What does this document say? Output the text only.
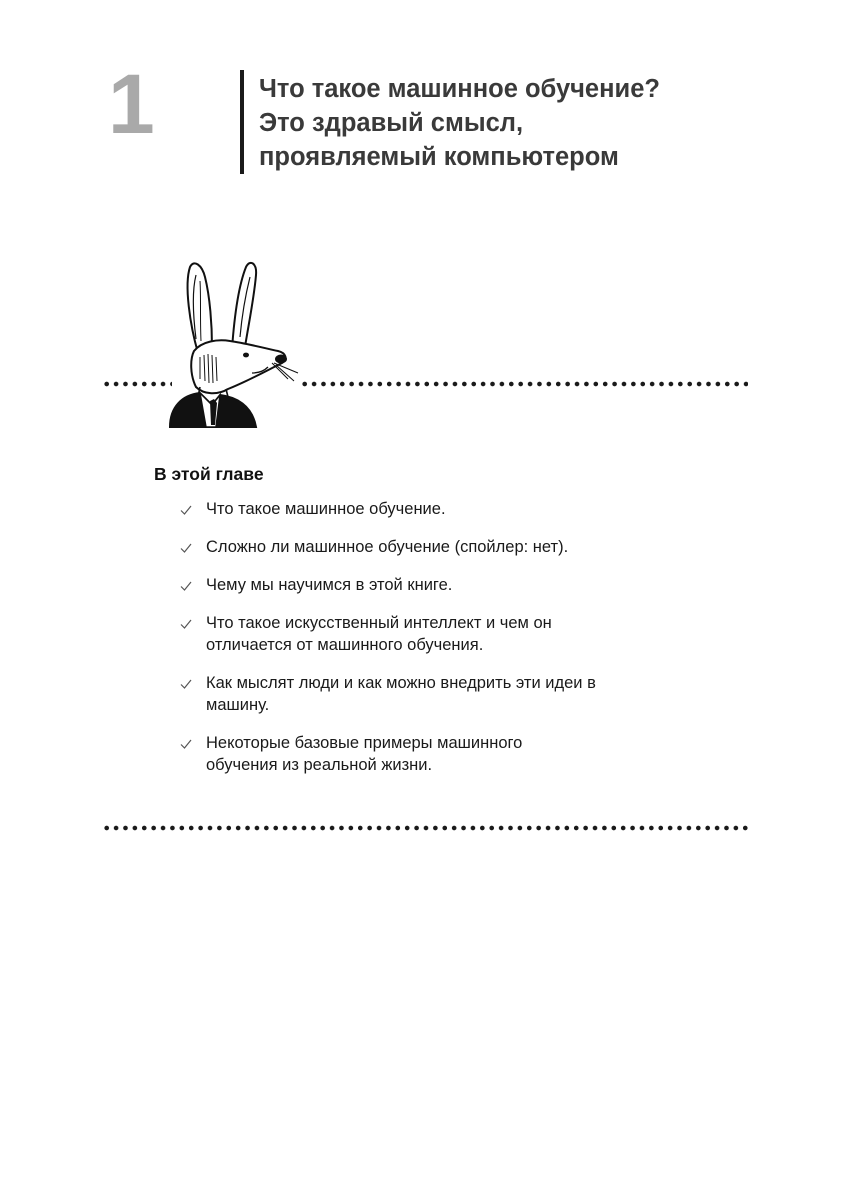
1	Что такое машинное обучение?
Это здравый смысл,
проявляемый компьютером
В этой главе
Что такое машинное обучение.
Сложно ли машинное обучение (спойлер: нет).
Чему мы научимся в этой книге.
Что такое искусственный интеллект и чем он отличается от машинного обучения.
Как мыслят люди и как можно внедрить эти идеи в машину.
Некоторые базовые примеры машинного обучения из реальной жизни.
